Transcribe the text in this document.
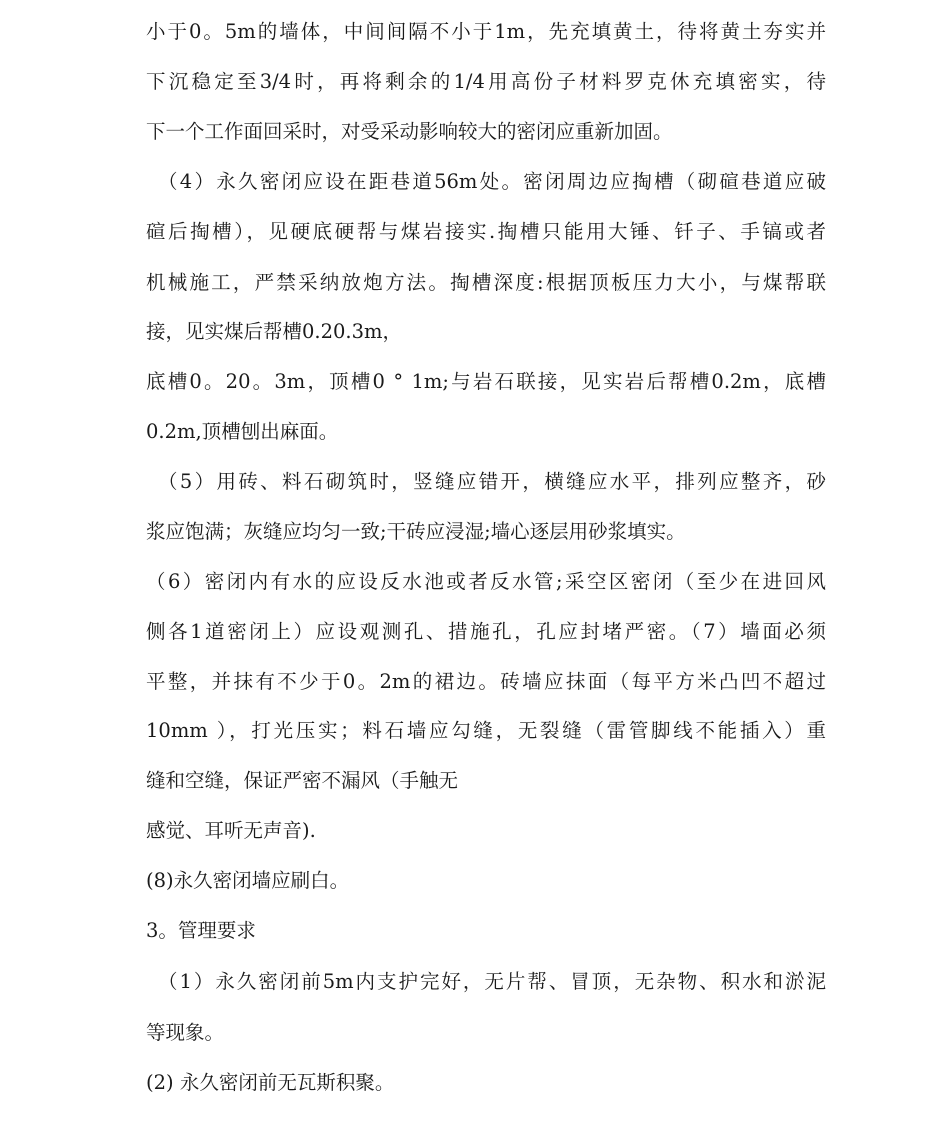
小于0。5m的墙体，中间间隔不小于1m，先充填黄土，待将黄土夯实并
下沉稳定至3/4时，再将剩余的1/4用高份子材料罗克休充填密实，待
下一个工作面回采时，对受采动影响较大的密闭应重新加固。
（4）永久密闭应设在距巷道56m处。密闭周边应掏槽（砌碹巷道应破
碹后掏槽），见硬底硬帮与煤岩接实.掏槽只能用大锤、钎子、手镐或者
机械施工，严禁采纳放炮方法。掏槽深度:根据顶板压力大小，与煤帮联
接，见实煤后帮槽0.20.3m，
底槽0。20。3m，顶槽0 ° 1m;与岩石联接，见实岩后帮槽0.2m，底槽
0.2m,顶槽刨出麻面。
（5）用砖、料石砌筑时，竖缝应错开，横缝应水平，排列应整齐，砂
浆应饱满；灰缝应均匀一致;干砖应浸湿;墙心逐层用砂浆填实。
（6）密闭内有水的应设反水池或者反水管;采空区密闭（至少在进回风
侧各1道密闭上）应设观测孔、措施孔，孔应封堵严密。（7）墙面必须
平整，并抹有不少于0。2m的裙边。砖墙应抹面（每平方米凸凹不超过
10mm ），打光压实；料石墙应勾缝，无裂缝（雷管脚线不能插入）重
缝和空缝，保证严密不漏风（手触无
感觉、耳听无声音).
(8)永久密闭墙应刷白。
3。管理要求
（1）永久密闭前5m内支护完好，无片帮、冒顶，无杂物、积水和淤泥
等现象。
(2) 永久密闭前无瓦斯积聚。
